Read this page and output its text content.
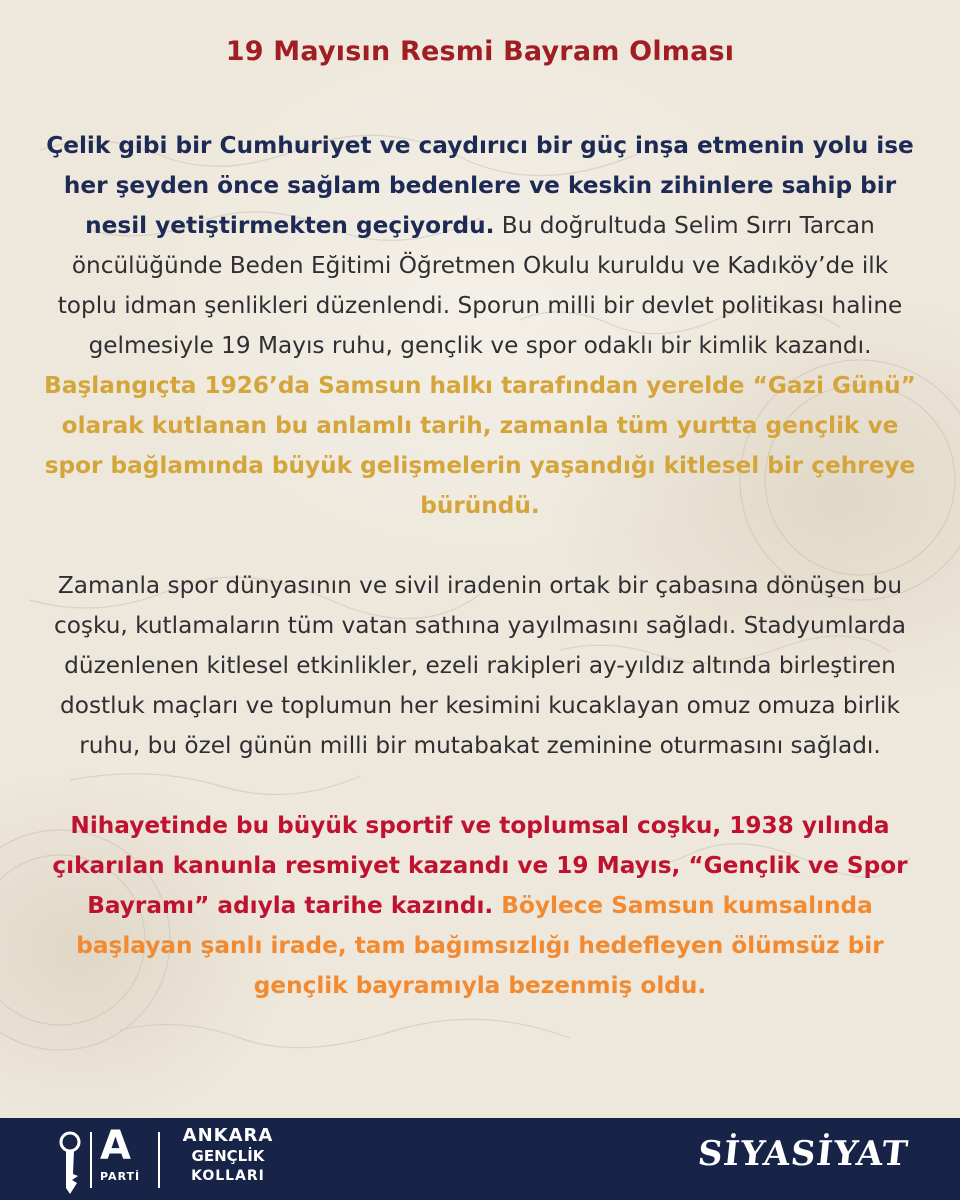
19 Mayısın Resmi Bayram Olması

Çelik gibi bir Cumhuriyet ve caydırıcı bir güç inşa etmenin yolu ise her şeyden önce sağlam bedenlere ve keskin zihinlere sahip bir nesil yetiştirmekten geçiyordu. Bu doğrultuda Selim Sırrı Tarcan öncülüğünde Beden Eğitimi Öğretmen Okulu kuruldu ve Kadıköy’de ilk toplu idman şenlikleri düzenlendi. Sporun milli bir devlet politikası haline gelmesiyle 19 Mayıs ruhu, gençlik ve spor odaklı bir kimlik kazandı. Başlangıçta 1926’da Samsun halkı tarafından yerelde “Gazi Günü” olarak kutlanan bu anlamlı tarih, zamanla tüm yurtta gençlik ve spor bağlamında büyük gelişmelerin yaşandığı kitlesel bir çehreye büründü.

Zamanla spor dünyasının ve sivil iradenin ortak bir çabasına dönüşen bu coşku, kutlamaların tüm vatan sathına yayılmasını sağladı. Stadyumlarda düzenlenen kitlesel etkinlikler, ezeli rakipleri ay-yıldız altında birleştiren dostluk maçları ve toplumun her kesimini kucaklayan omuz omuza birlik ruhu, bu özel günün milli bir mutabakat zeminine oturmasını sağladı.

Nihayetinde bu büyük sportif ve toplumsal coşku, 1938 yılında çıkarılan kanunla resmiyet kazandı ve 19 Mayıs, “Gençlik ve Spor Bayramı” adıyla tarihe kazındı. Böylece Samsun kumsalında başlayan şanlı irade, tam bağımsızlığı hedefleyen ölümsüz bir gençlik bayramıyla bezenmiş oldu.

A
PARTİ
ANKARA
GENÇLİK
KOLLARI
SİYASİYAT
